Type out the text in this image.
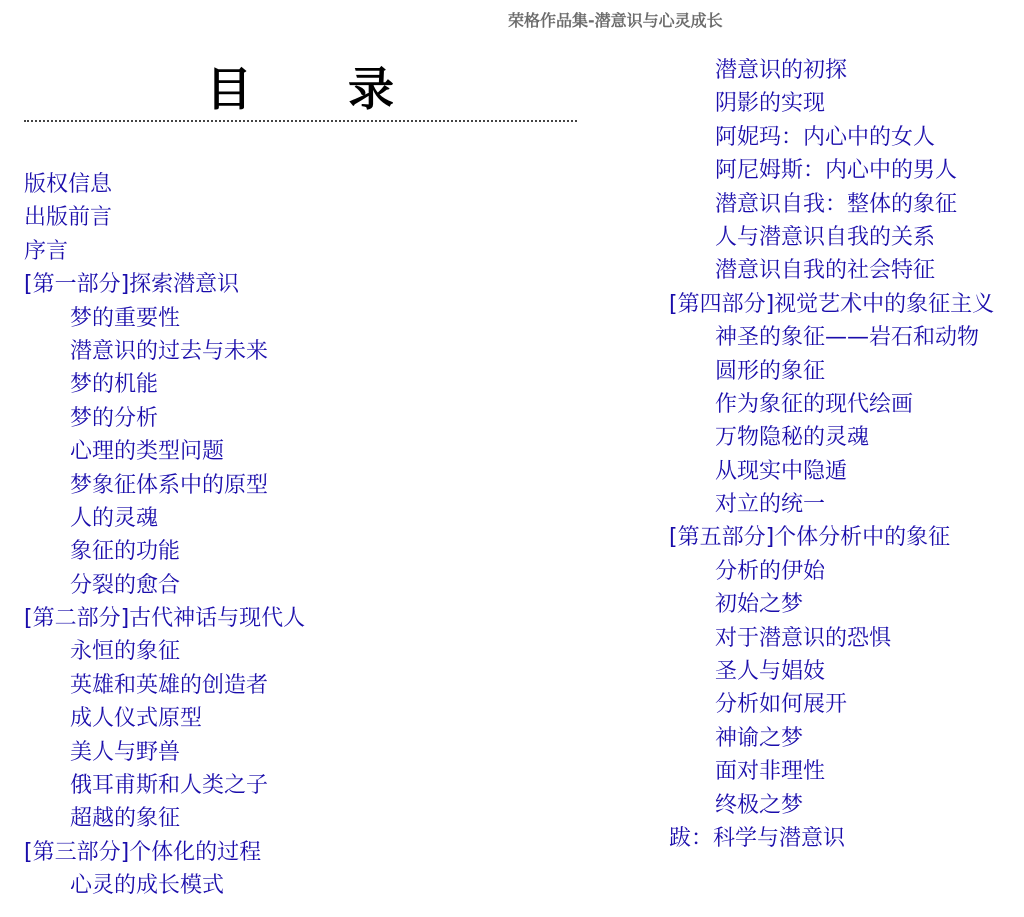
荣格作品集-潜意识与心灵成长
目 录
版权信息
出版前言
序言
[第一部分]探索潜意识
梦的重要性
潜意识的过去与未来
梦的机能
梦的分析
心理的类型问题
梦象征体系中的原型
人的灵魂
象征的功能
分裂的愈合
[第二部分]古代神话与现代人
永恒的象征
英雄和英雄的创造者
成人仪式原型
美人与野兽
俄耳甫斯和人类之子
超越的象征
[第三部分]个体化的过程
心灵的成长模式
潜意识的初探
阴影的实现
阿妮玛：内心中的女人
阿尼姆斯：内心中的男人
潜意识自我：整体的象征
人与潜意识自我的关系
潜意识自我的社会特征
[第四部分]视觉艺术中的象征主义
神圣的象征——岩石和动物
圆形的象征
作为象征的现代绘画
万物隐秘的灵魂
从现实中隐遁
对立的统一
[第五部分]个体分析中的象征
分析的伊始
初始之梦
对于潜意识的恐惧
圣人与娼妓
分析如何展开
神谕之梦
面对非理性
终极之梦
跋：科学与潜意识
